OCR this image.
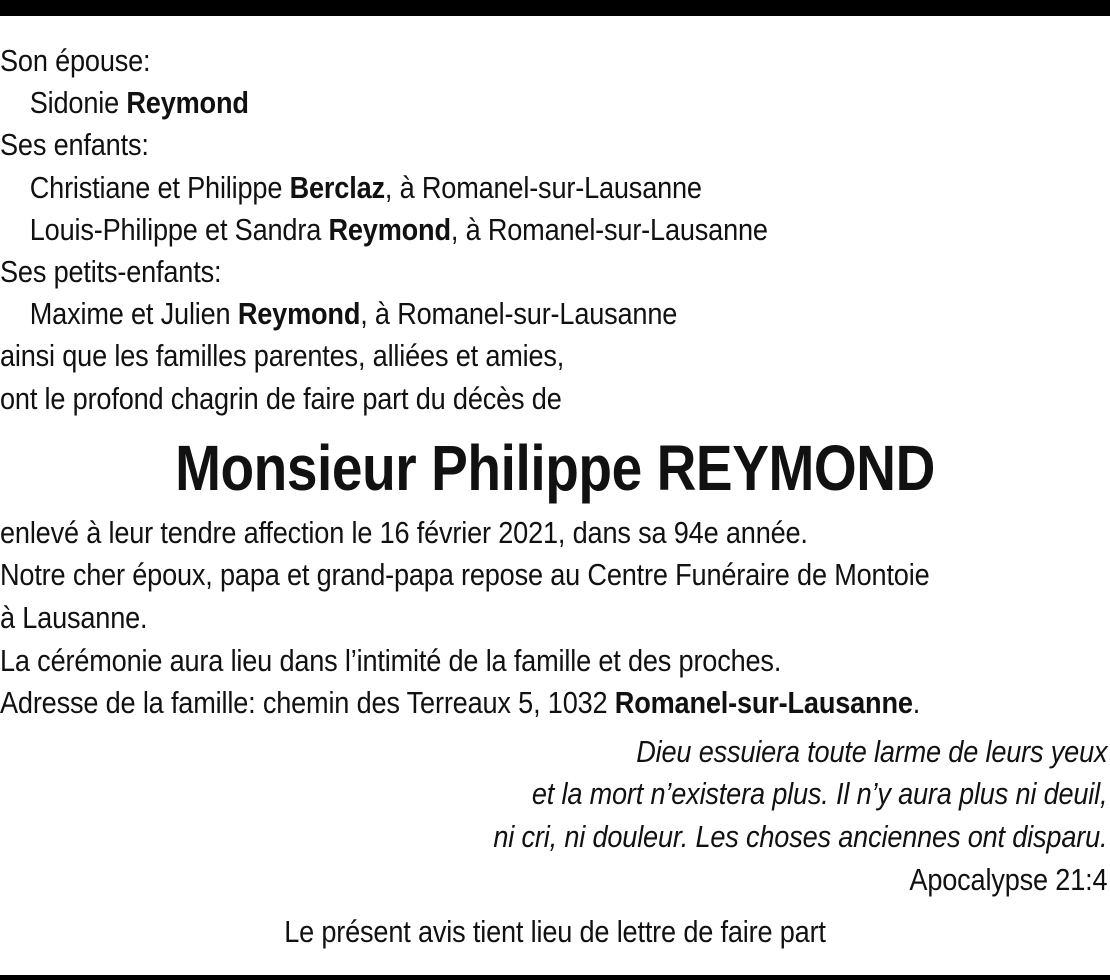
Son épouse:
Sidonie Reymond
Ses enfants:
Christiane et Philippe Berclaz, à Romanel-sur-Lausanne
Louis-Philippe et Sandra Reymond, à Romanel-sur-Lausanne
Ses petits-enfants:
Maxime et Julien Reymond, à Romanel-sur-Lausanne
ainsi que les familles parentes, alliées et amies,
ont le profond chagrin de faire part du décès de
Monsieur Philippe REYMOND
enlevé à leur tendre affection le 16 février 2021, dans sa 94e année.
Notre cher époux, papa et grand-papa repose au Centre Funéraire de Montoie
à Lausanne.
La cérémonie aura lieu dans l’intimité de la famille et des proches.
Adresse de la famille: chemin des Terreaux 5, 1032 Romanel-sur-Lausanne.
Dieu essuiera toute larme de leurs yeux
et la mort n’existera plus. Il n’y aura plus ni deuil,
ni cri, ni douleur. Les choses anciennes ont disparu.
Apocalypse 21:4
Le présent avis tient lieu de lettre de faire part
